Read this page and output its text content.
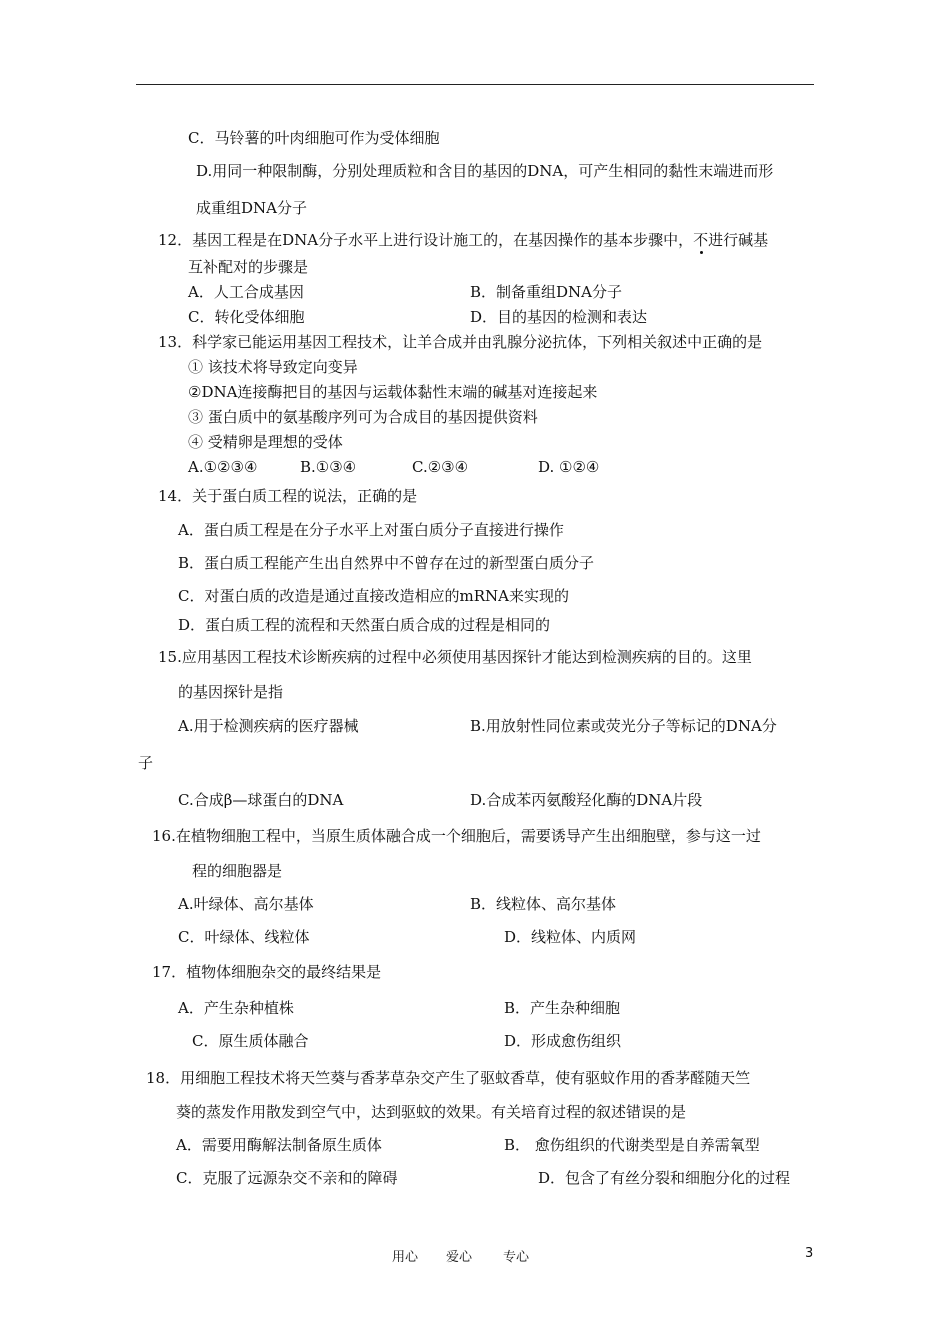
C．马铃薯的叶肉细胞可作为受体细胞
D.用同一种限制酶，分别处理质粒和含目的基因的DNA，可产生相同的黏性末端进而形
成重组DNA分子
12．基因工程是在DNA分子水平上进行设计施工的，在基因操作的基本步骤中，不进行碱基
互补配对的步骤是
A．人工合成基因	B．制备重组DNA分子
C．转化受体细胞	D．目的基因的检测和表达
13．科学家已能运用基因工程技术，让羊合成并由乳腺分泌抗体，下列相关叙述中正确的是
① 该技术将导致定向变异
②DNA连接酶把目的基因与运载体黏性末端的碱基对连接起来
③ 蛋白质中的氨基酸序列可为合成目的基因提供资料
④ 受精卵是理想的受体
A.①②③④	B.①③④	C.②③④	D. ①②④
14．关于蛋白质工程的说法，正确的是
A．蛋白质工程是在分子水平上对蛋白质分子直接进行操作
B．蛋白质工程能产生出自然界中不曾存在过的新型蛋白质分子
C．对蛋白质的改造是通过直接改造相应的mRNA来实现的
D．蛋白质工程的流程和天然蛋白质合成的过程是相同的
15.应用基因工程技术诊断疾病的过程中必须使用基因探针才能达到检测疾病的目的。这里
的基因探针是指
A.用于检测疾病的医疗器械	B.用放射性同位素或荧光分子等标记的DNA分
子
C.合成β—球蛋白的DNA	D.合成苯丙氨酸羟化酶的DNA片段
16.在植物细胞工程中，当原生质体融合成一个细胞后，需要诱导产生出细胞壁，参与这一过
程的细胞器是
A.叶绿体、高尔基体	B．线粒体、高尔基体
C．叶绿体、线粒体	D．线粒体、内质网
17．植物体细胞杂交的最终结果是
A．产生杂种植株	B．产生杂种细胞
C．原生质体融合	D．形成愈伤组织
18．用细胞工程技术将天竺葵与香茅草杂交产生了驱蚊香草，使有驱蚊作用的香茅醛随天竺
葵的蒸发作用散发到空气中，达到驱蚊的效果。有关培育过程的叙述错误的是
A．需要用酶解法制备原生质体	B． 愈伤组织的代谢类型是自养需氧型
C．克服了远源杂交不亲和的障碍	D．包含了有丝分裂和细胞分化的过程
用心 爱心 专心	3
